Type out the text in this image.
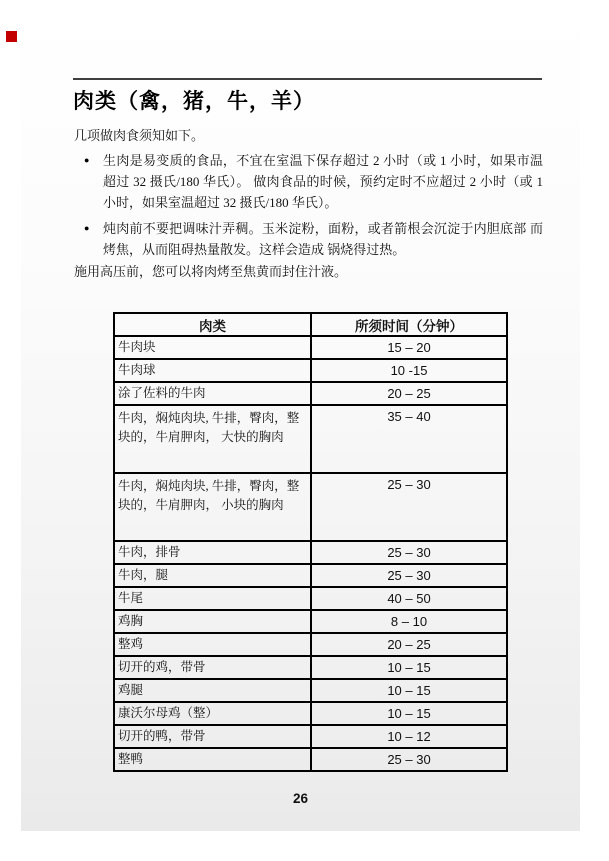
肉类（禽，猪，牛，羊）
几项做肉食须知如下。
●	生肉是易变质的食品，不宜在室温下保存超过 2 小时（或 1 小时，如果市温超过 32 摄氏/180 华氏）。 做肉食品的时候，预约定时不应超过 2 小时（或 1 小时，如果室温超过 32 摄氏/180 华氏）。
●	炖肉前不要把调味汁弄稠。玉米淀粉，面粉，或者箭根会沉淀于内胆底部 而烤焦，从而阻碍热量散发。这样会造成 锅烧得过热。
施用高压前，您可以将肉烤至焦黄而封住汁液。
肉类	所须时间（分钟）
牛肉块	15 – 20
牛肉球	10 -15
涂了佐料的牛肉	20 – 25
牛肉，焖炖肉块, 牛排，臀肉，整块的，牛肩胛肉， 大快的胸肉	35 – 40
牛肉，焖炖肉块, 牛排，臀肉，整块的，牛肩胛肉， 小块的胸肉	25 – 30
牛肉，排骨	25 – 30
牛肉，腿	25 – 30
牛尾	40 – 50
鸡胸	8 – 10
整鸡	20 – 25
切开的鸡，带骨	10 – 15
鸡腿	10 – 15
康沃尔母鸡（整）	10 – 15
切开的鸭，带骨	10 – 12
整鸭	25 – 30
26
